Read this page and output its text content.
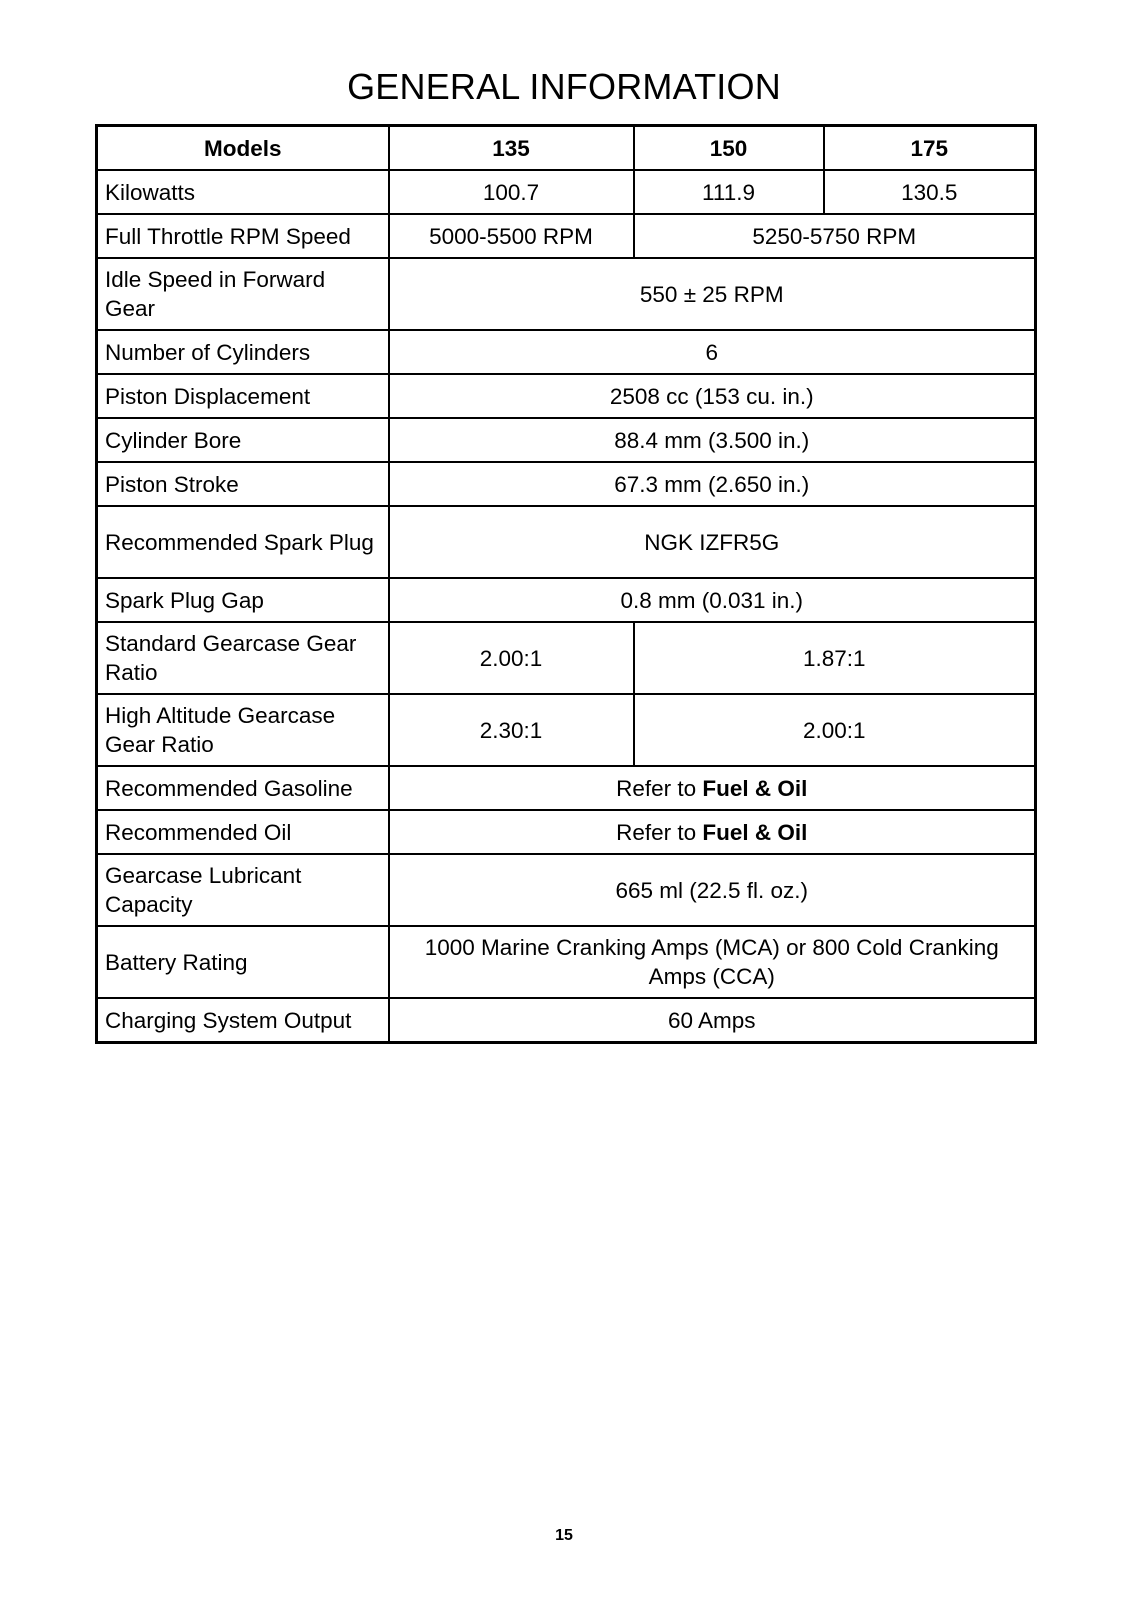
GENERAL INFORMATION
Models	135	150	175
Kilowatts	100.7	111.9	130.5
Full Throttle RPM Speed	5000-5500 RPM	5250-5750 RPM	
Idle Speed in Forward Gear	550 ± 25 RPM		
Number of Cylinders	6		
Piston Displacement	2508 cc (153 cu. in.)		
Cylinder Bore	88.4 mm (3.500 in.)		
Piston Stroke	67.3 mm (2.650 in.)		
Recommended Spark Plug	NGK IZFR5G		
Spark Plug Gap	0.8 mm (0.031 in.)		
Standard Gearcase Gear Ratio	2.00:1	1.87:1	
High Altitude Gearcase Gear Ratio	2.30:1	2.00:1	
Recommended Gasoline	Refer to Fuel & Oil		
Recommended Oil	Refer to Fuel & Oil		
Gearcase Lubricant Capacity	665 ml (22.5 fl. oz.)		
Battery Rating	1000 Marine Cranking Amps (MCA) or 800 Cold Cranking Amps (CCA)		
Charging System Output	60 Amps		
15
